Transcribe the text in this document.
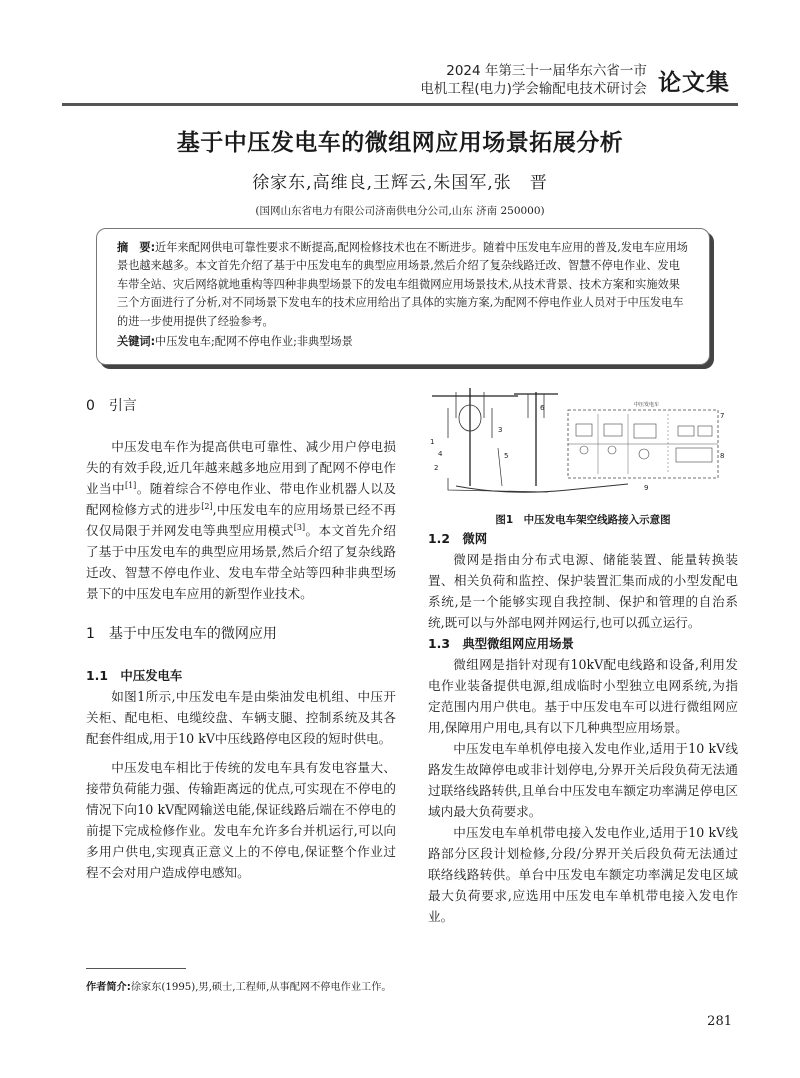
2024 年第三十一届华东六省一市
电机工程(电力)学会输配电技术研讨会 论文集
基于中压发电车的微组网应用场景拓展分析
徐家东,高维良,王辉云,朱国军,张　晋
(国网山东省电力有限公司济南供电分公司,山东 济南 250000)
摘　要:近年来配网供电可靠性要求不断提高,配网检修技术也在不断进步。随着中压发电车应用的普及,发电车应用场景也越来越多。本文首先介绍了基于中压发电车的典型应用场景,然后介绍了复杂线路迁改、智慧不停电作业、发电车带全站、灾后网络就地重构等四种非典型场景下的发电车组微网应用场景技术,从技术背景、技术方案和实施效果三个方面进行了分析,对不同场景下发电车的技术应用给出了具体的实施方案,为配网不停电作业人员对于中压发电车的进一步使用提供了经验参考。
关键词:中压发电车;配网不停电作业;非典型场景
0　引言

中压发电车作为提高供电可靠性、减少用户停电损失的有效手段,近几年越来越多地应用到了配网不停电作业当中[1]。随着综合不停电作业、带电作业机器人以及配网检修方式的进步[2],中压发电车的应用场景已经不再仅仅局限于并网发电等典型应用模式[3]。本文首先介绍了基于中压发电车的典型应用场景,然后介绍了复杂线路迁改、智慧不停电作业、发电车带全站等四种非典型场景下的中压发电车应用的新型作业技术。

1　基于中压发电车的微网应用
1.1　中压发电车

如图1所示,中压发电车是由柴油发电机组、中压开关柜、配电柜、电缆绞盘、车辆支腿、控制系统及其各配套件组成,用于10 kV中压线路停电区段的短时供电。

中压发电车相比于传统的发电车具有发电容量大、接带负荷能力强、传输距离远的优点,可实现在不停电的情况下向10 kV配网输送电能,保证线路后端在不停电的前提下完成检修作业。发电车允许多台并机运行,可以向多用户供电,实现真正意义上的不停电,保证整个作业过程不会对用户造成停电感知。

中压发电车
1
2
3
4	5
6
7
8
9
图1　中压发电车架空线路接入示意图
1.2　微网

微网是指由分布式电源、储能装置、能量转换装置、相关负荷和监控、保护装置汇集而成的小型发配电系统,是一个能够实现自我控制、保护和管理的自治系统,既可以与外部电网并网运行,也可以孤立运行。

1.3　典型微组网应用场景

微组网是指针对现有10kV配电线路和设备,利用发电作业装备提供电源,组成临时小型独立电网系统,为指定范围内用户供电。基于中压发电车可以进行微组网应用,保障用户用电,具有以下几种典型应用场景。

中压发电车单机停电接入发电作业,适用于10 kV线路发生故障停电或非计划停电,分界开关后段负荷无法通过联络线路转供,且单台中压发电车额定功率满足停电区域内最大负荷要求。

中压发电车单机带电接入发电作业,适用于10 kV线路部分区段计划检修,分段/分界开关后段负荷无法通过联络线路转供。单台中压发电车额定功率满足发电区域最大负荷要求,应选用中压发电车单机带电接入发电作业。

作者简介:徐家东(1995),男,硕士,工程师,从事配网不停电作业工作。
281
